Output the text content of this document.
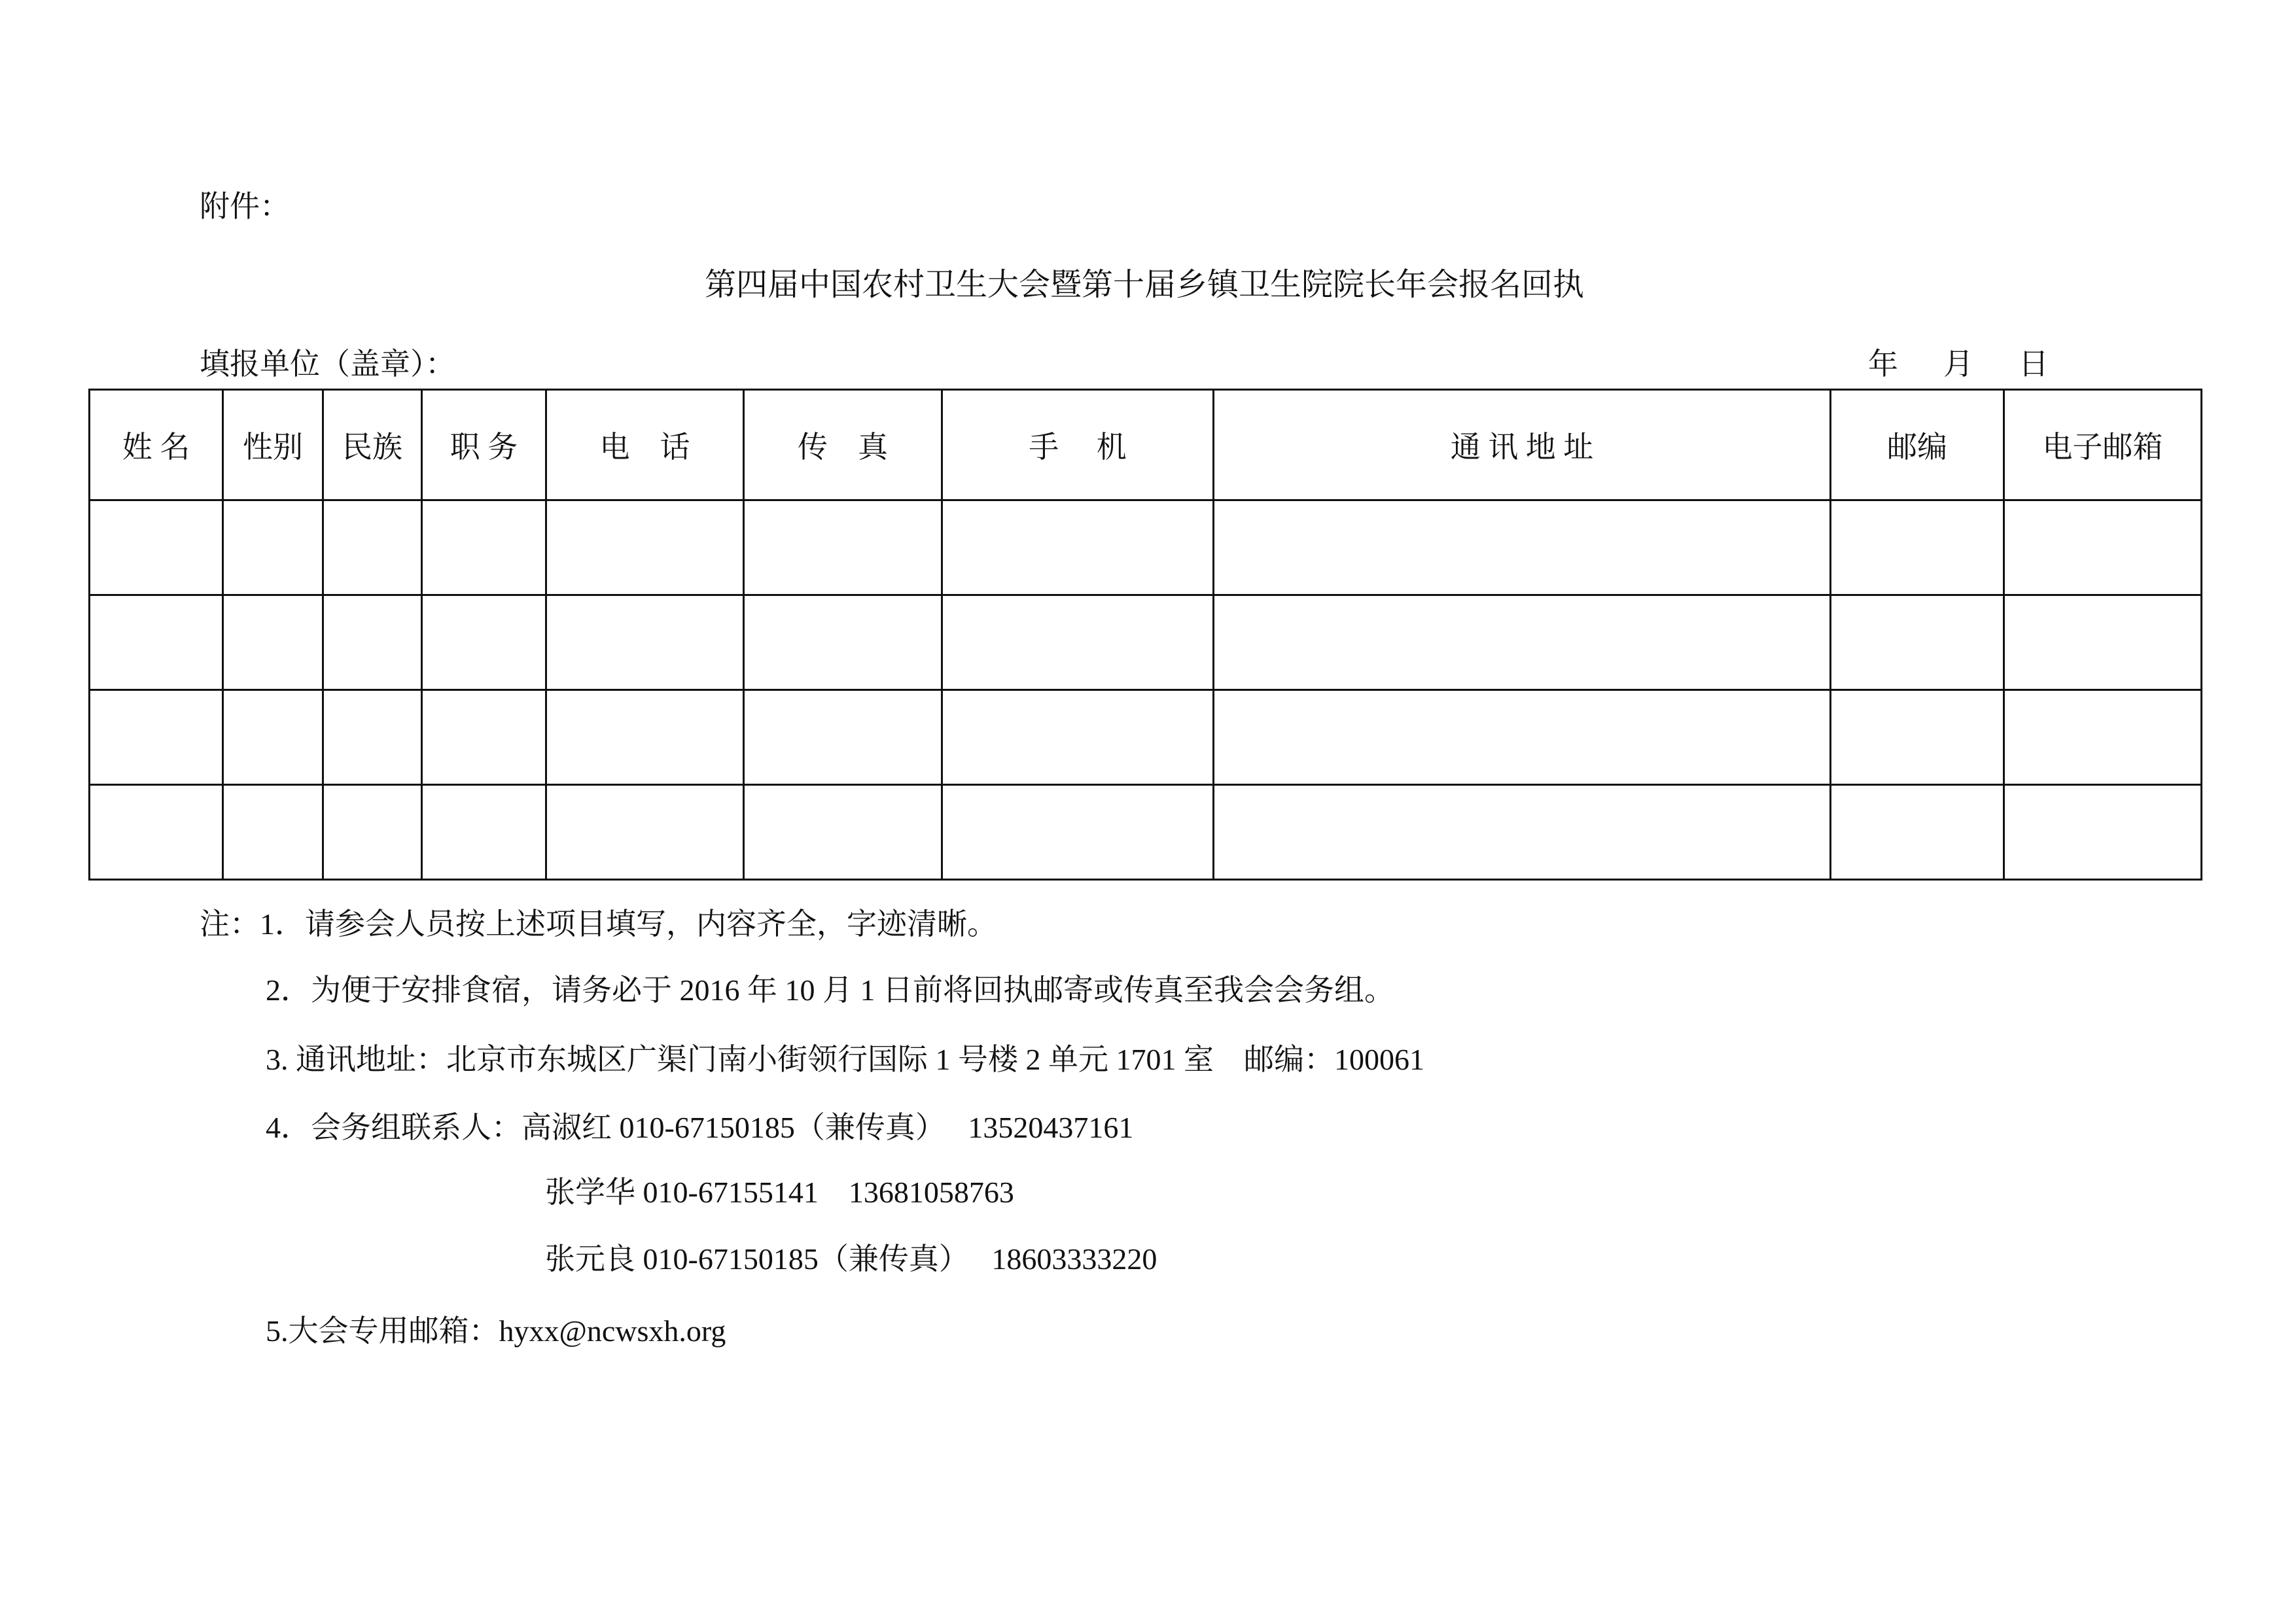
附件：
第四届中国农村卫生大会暨第十届乡镇卫生院院长年会报名回执
填报单位（盖章）：	年      月      日
姓 名	性别	民族	职 务	电    话	传    真	手     机	通 讯 地 址	邮编	电子邮箱

注：1．请参会人员按上述项目填写，内容齐全，字迹清晰。
2．为便于安排食宿，请务必于 2016 年 10 月 1 日前将回执邮寄或传真至我会会务组。
3. 通讯地址：北京市东城区广渠门南小街领行国际 1 号楼 2 单元 1701 室　邮编：100061
4．会务组联系人：高淑红 010-67150185（兼传真）　 13520437161
张学华 010-67155141　13681058763
张元良 010-67150185（兼传真）　 18603333220
5.大会专用邮箱：hyxx@ncwsxh.org
